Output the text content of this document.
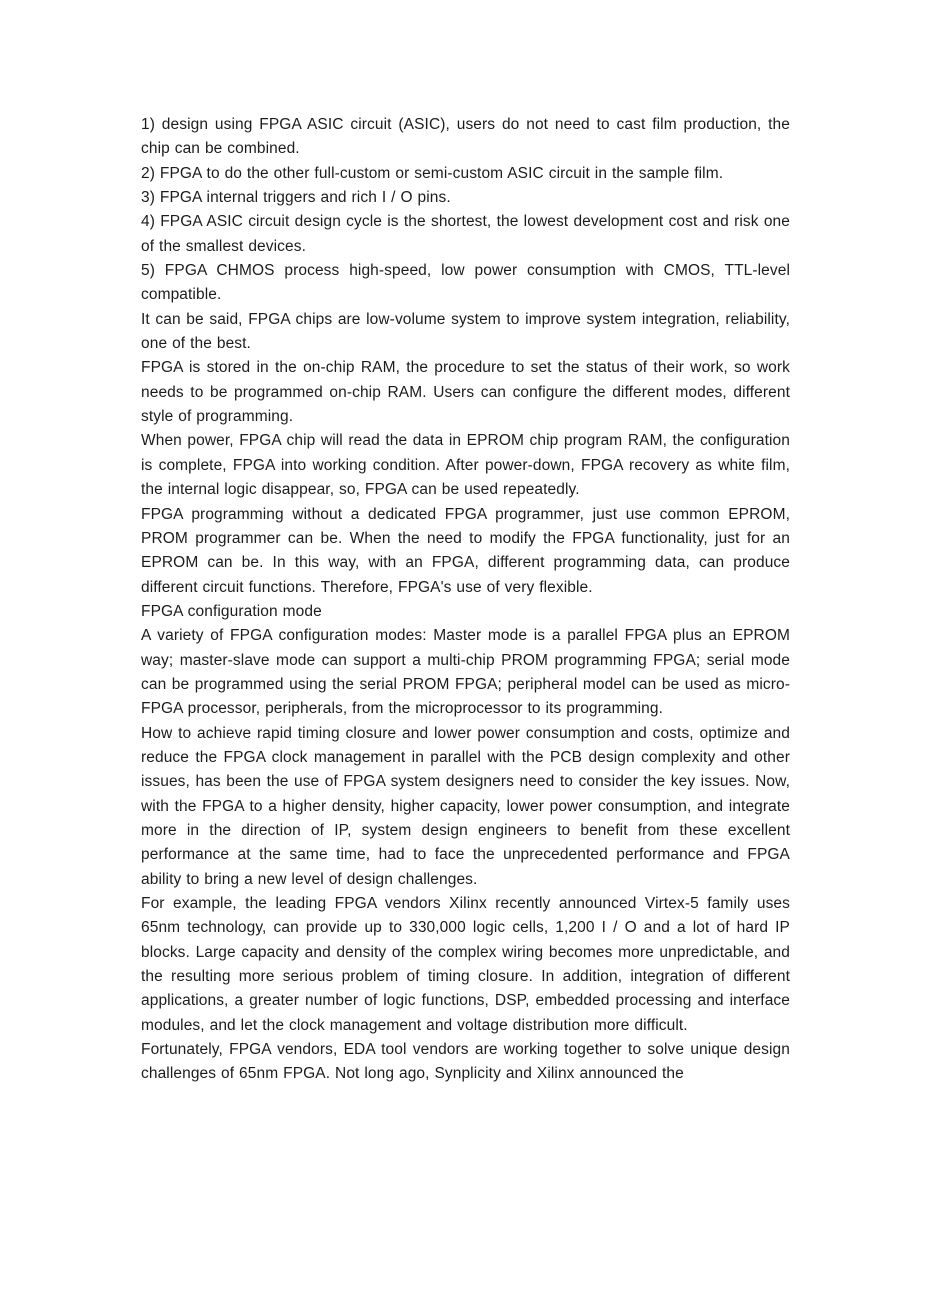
1) design using FPGA ASIC circuit (ASIC), users do not need to cast film production, the chip can be combined.

2) FPGA to do the other full-custom or semi-custom ASIC circuit in the sample film.

3) FPGA internal triggers and rich I / O pins.

4) FPGA ASIC circuit design cycle is the shortest, the lowest development cost and risk one of the smallest devices.

5) FPGA CHMOS process high-speed, low power consumption with CMOS, TTL-level compatible.

It can be said, FPGA chips are low-volume system to improve system integration, reliability, one of the best.

FPGA is stored in the on-chip RAM, the procedure to set the status of their work, so work needs to be programmed on-chip RAM. Users can configure the different modes, different style of programming.

When power, FPGA chip will read the data in EPROM chip program RAM, the configuration is complete, FPGA into working condition. After power-down, FPGA recovery as white film, the internal logic disappear, so, FPGA can be used repeatedly.

FPGA programming without a dedicated FPGA programmer, just use common EPROM, PROM programmer can be. When the need to modify the FPGA functionality, just for an EPROM can be. In this way, with an FPGA, different programming data, can produce different circuit functions. Therefore, FPGA's use of very flexible.

FPGA configuration mode

A variety of FPGA configuration modes: Master mode is a parallel FPGA plus an EPROM way; master-slave mode can support a multi-chip PROM programming FPGA; serial mode can be programmed using the serial PROM FPGA; peripheral model can be used as micro-FPGA processor, peripherals, from the microprocessor to its programming.

How to achieve rapid timing closure and lower power consumption and costs, optimize and reduce the FPGA clock management in parallel with the PCB design complexity and other issues, has been the use of FPGA system designers need to consider the key issues. Now, with the FPGA to a higher density, higher capacity, lower power consumption, and integrate more in the direction of IP, system design engineers to benefit from these excellent performance at the same time, had to face the unprecedented performance and FPGA ability to bring a new level of design challenges.

For example, the leading FPGA vendors Xilinx recently announced Virtex-5 family uses 65nm technology, can provide up to 330,000 logic cells, 1,200 I / O and a lot of hard IP blocks. Large capacity and density of the complex wiring becomes more unpredictable, and the resulting more serious problem of timing closure. In addition, integration of different applications, a greater number of logic functions, DSP, embedded processing and interface modules, and let the clock management and voltage distribution more difficult.

Fortunately, FPGA vendors, EDA tool vendors are working together to solve unique design challenges of 65nm FPGA. Not long ago, Synplicity and Xilinx announced the
